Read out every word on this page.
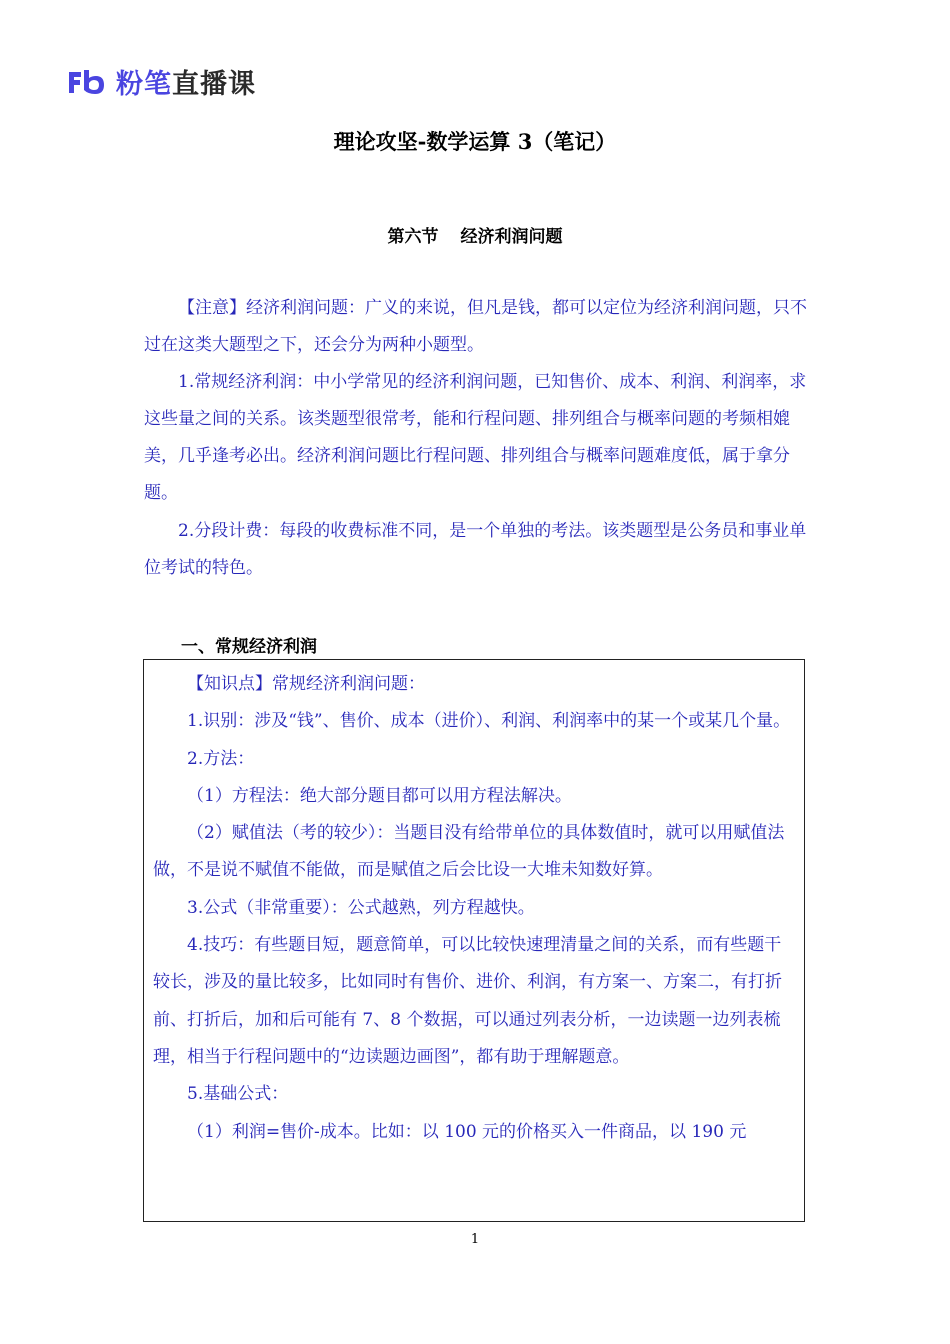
粉笔直播课
理论攻坚-数学运算 3（笔记）
第六节 经济利润问题

【注意】经济利润问题：广义的来说，但凡是钱，都可以定位为经济利润问题，只不过在这类大题型之下，还会分为两种小题型。

1.常规经济利润：中小学常见的经济利润问题，已知售价、成本、利润、利润率，求这些量之间的关系。该类题型很常考，能和行程问题、排列组合与概率问题的考频相媲美，几乎逢考必出。经济利润问题比行程问题、排列组合与概率问题难度低，属于拿分题。

2.分段计费：每段的收费标准不同，是一个单独的考法。该类题型是公务员和事业单位考试的特色。

一、常规经济利润

【知识点】常规经济利润问题：

1.识别：涉及“钱”、售价、成本（进价）、利润、利润率中的某一个或某几个量。

2.方法：

（1）方程法：绝大部分题目都可以用方程法解决。

（2）赋值法（考的较少）：当题目没有给带单位的具体数值时，就可以用赋值法做，不是说不赋值不能做，而是赋值之后会比设一大堆未知数好算。

3.公式（非常重要）：公式越熟，列方程越快。

4.技巧：有些题目短，题意简单，可以比较快速理清量之间的关系，而有些题干较长，涉及的量比较多，比如同时有售价、进价、利润，有方案一、方案二，有打折前、打折后，加和后可能有 7、8 个数据，可以通过列表分析，一边读题一边列表梳理，相当于行程问题中的“边读题边画图”，都有助于理解题意。

5.基础公式：

（1）利润=售价-成本。比如：以 100 元的价格买入一件商品，以 190 元

1
